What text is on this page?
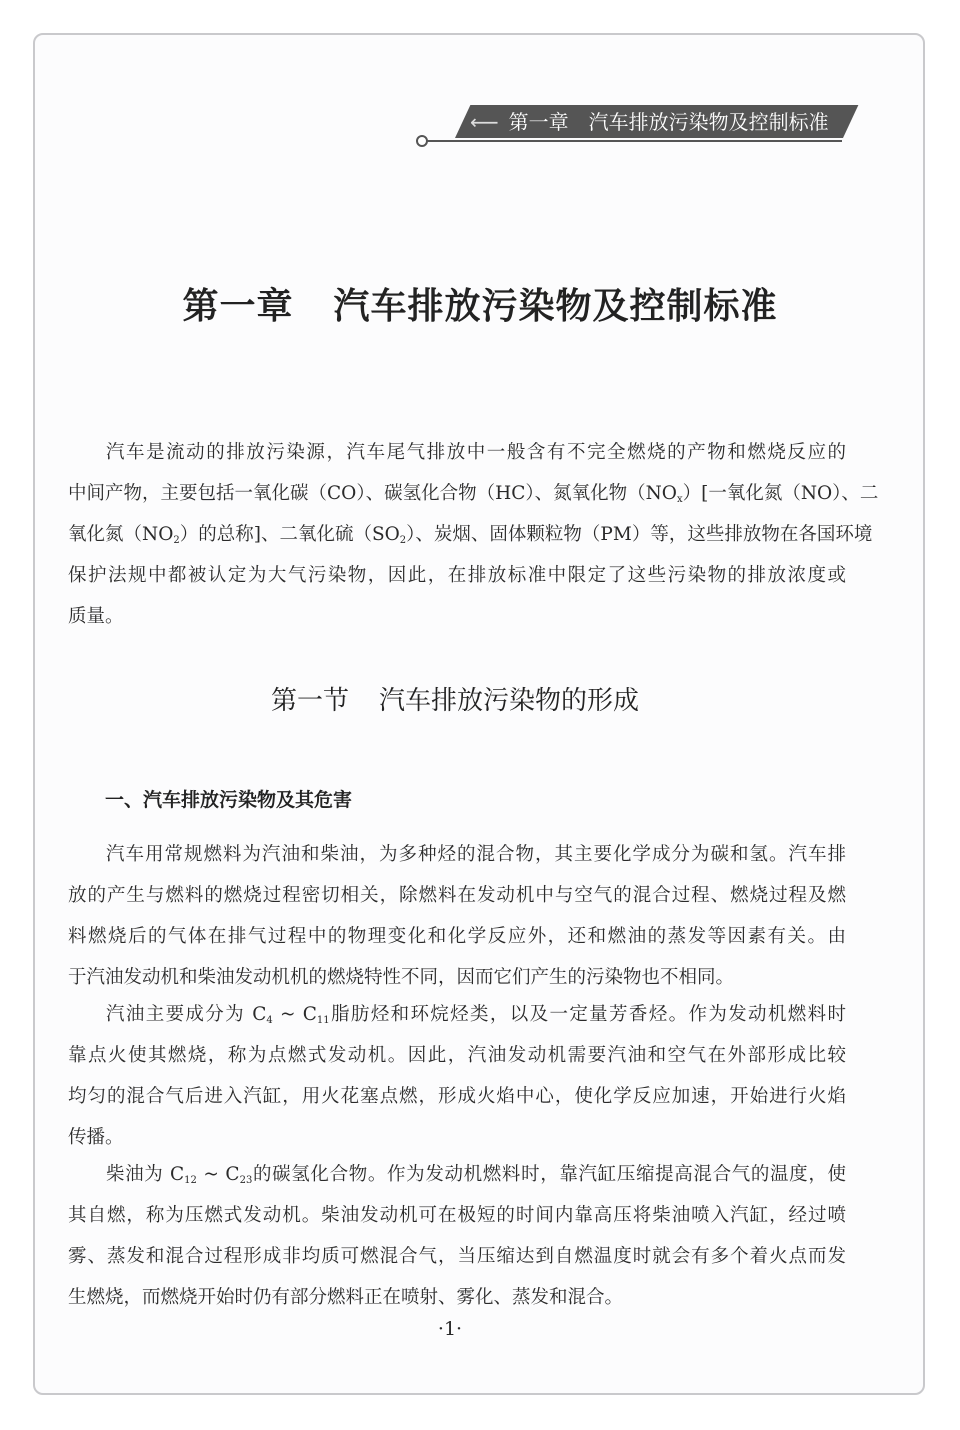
⟵ 第一章 汽车排放污染物及控制标准
第一章 汽车排放污染物及控制标准
汽车是流动的排放污染源，汽车尾气排放中一般含有不完全燃烧的产物和燃烧反应的
中间产物，主要包括一氧化碳（CO）、碳氢化合物（HC）、氮氧化物$(NO_x)$[一氧化氮（NO）、二
氧化氮$(NO_2)$的总称]、二氧化硫$(SO_2)$、炭烟、固体颗粒物（PM）等，这些排放物在各国环境
保护法规中都被认定为大气污染物，因此，在排放标准中限定了这些污染物的排放浓度或
质量。
第一节 汽车排放污染物的形成
一、汽车排放污染物及其危害
汽车用常规燃料为汽油和柴油，为多种烃的混合物，其主要化学成分为碳和氢。汽车排
放的产生与燃料的燃烧过程密切相关，除燃料在发动机中与空气的混合过程、燃烧过程及燃
料燃烧后的气体在排气过程中的物理变化和化学反应外，还和燃油的蒸发等因素有关。由
于汽油发动机和柴油发动机机的燃烧特性不同，因而它们产生的污染物也不相同。
汽油主要成分为 $C_4$ ~ $C_{11}$脂肪烃和环烷烃类，以及一定量芳香烃。作为发动机燃料时
靠点火使其燃烧，称为点燃式发动机。因此，汽油发动机需要汽油和空气在外部形成比较
均匀的混合气后进入汽缸，用火花塞点燃，形成火焰中心，使化学反应加速，开始进行火焰
传播。
柴油为 $C_{12}$ ~ $C_{23}$的碳氢化合物。作为发动机燃料时，靠汽缸压缩提高混合气的温度，使
其自燃，称为压燃式发动机。柴油发动机可在极短的时间内靠高压将柴油喷入汽缸，经过喷
雾、蒸发和混合过程形成非均质可燃混合气，当压缩达到自燃温度时就会有多个着火点而发
生燃烧，而燃烧开始时仍有部分燃料正在喷射、雾化、蒸发和混合。
·1·
